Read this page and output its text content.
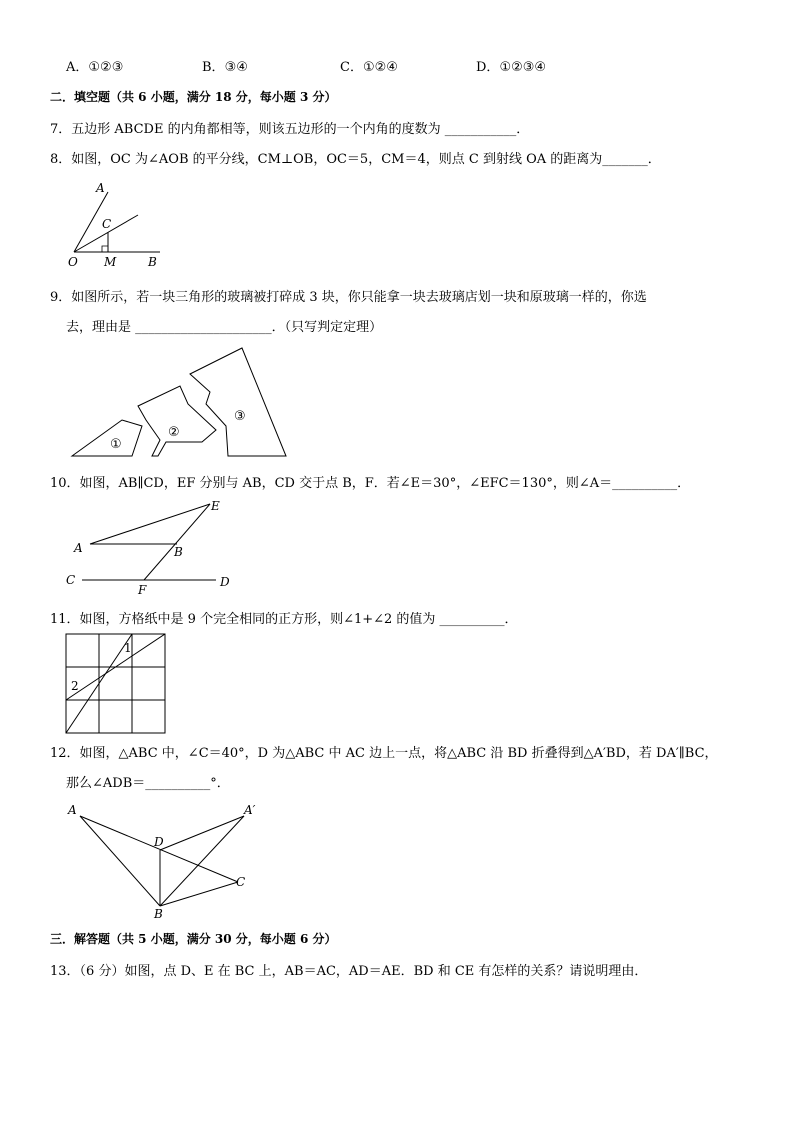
A．①②③	B．③④	C．①②④	D．①②③④
二．填空题（共 6 小题，满分 18 分，每小题 3 分）
7．五边形 ABCDE 的内角都相等，则该五边形的一个内角的度数为 ___________．
8．如图，OC 为∠AOB 的平分线，CM⊥OB，OC＝5，CM＝4，则点 C 到射线 OA 的距离为_______．
A
C
O M	B
9．如图所示，若一块三角形的玻璃被打碎成 3 块，你只能拿一块去玻璃店划一块和原玻璃一样的，你选
去，理由是 _____________________．（只写判定定理）
①
②
③
10．如图，AB∥CD，EF 分别与 AB，CD 交于点 B，F．若∠E＝30°，∠EFC＝130°，则∠A＝__________．
E
A	B
C
F
D
11．如图，方格纸中是 9 个完全相同的正方形，则∠1+∠2 的值为 __________．
1
2
12．如图，△ABC 中，∠C＝40°，D 为△ABC 中 AC 边上一点，将△ABC 沿 BD 折叠得到△A′BD，若 DA′∥BC，
那么∠ADB＝__________°．
A	A′
D
C
B
三．解答题（共 5 小题，满分 30 分，每小题 6 分）
13．（6 分）如图，点 D、E 在 BC 上，AB＝AC，AD＝AE．BD 和 CE 有怎样的关系？请说明理由．
